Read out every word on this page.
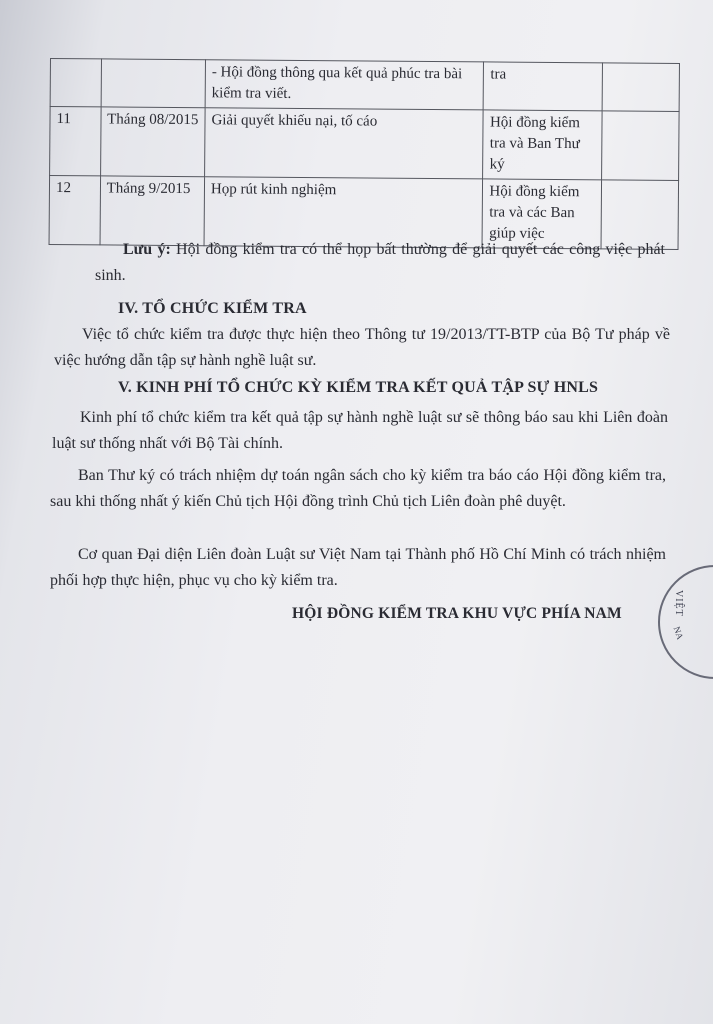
		- Hội đồng thông qua kết quả phúc tra bài kiểm tra viết.	tra	
11	Tháng 08/2015	Giải quyết khiếu nại, tố cáo	Hội đồng kiểm tra và Ban Thư ký	
12	Tháng 9/2015	Họp rút kinh nghiệm	Hội đồng kiểm tra và các Ban giúp việc	
Lưu ý: Hội đồng kiểm tra có thể họp bất thường để giải quyết các công việc phát sinh.
IV. TỔ CHỨC KIỂM TRA
Việc tổ chức kiểm tra được thực hiện theo Thông tư 19/2013/TT-BTP của Bộ Tư pháp về việc hướng dẫn tập sự hành nghề luật sư.
V. KINH PHÍ TỔ CHỨC KỲ KIỂM TRA KẾT QUẢ TẬP SỰ HNLS
Kinh phí tổ chức kiểm tra kết quả tập sự hành nghề luật sư sẽ thông báo sau khi Liên đoàn luật sư thống nhất với Bộ Tài chính.
Ban Thư ký có trách nhiệm dự toán ngân sách cho kỳ kiểm tra báo cáo Hội đồng kiểm tra, sau khi thống nhất ý kiến Chủ tịch Hội đồng trình Chủ tịch Liên đoàn phê duyệt.
Cơ quan Đại diện Liên đoàn Luật sư Việt Nam tại Thành phố Hồ Chí Minh có trách nhiệm phối hợp thực hiện, phục vụ cho kỳ kiểm tra.
HỘI ĐỒNG KIỂM TRA KHU VỰC PHÍA NAM	VIỆT
NA
